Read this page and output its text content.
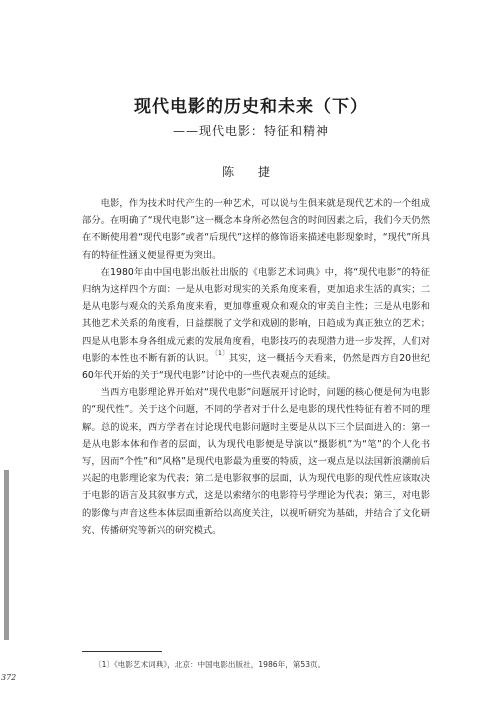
现代电影的历史和未来（下）
——现代电影：特征和精神
陈 捷

电影，作为技术时代产生的一种艺术，可以说与生俱来就是现代艺术的一个组成部分。在明确了“现代电影”这一概念本身所必然包含的时间因素之后，我们今天仍然在不断使用着“现代电影”或者“后现代”这样的修饰语来描述电影现象时，“现代”所具有的特征性涵义便显得更为突出。

在1980年由中国电影出版社出版的《电影艺术词典》中，将“现代电影”的特征归纳为这样四个方面：一是从电影对现实的关系角度来看，更加追求生活的真实；二是从电影与观众的关系角度来看，更加尊重观众和观众的审美自主性；三是从电影和其他艺术关系的角度看，日益摆脱了文学和戏剧的影响，日趋成为真正独立的艺术；四是从电影本身各组成元素的发展角度看，电影技巧的表现潜力进一步发挥，人们对电影的本性也不断有新的认识。$^{〔1〕}$其实，这一概括今天看来，仍然是西方自20世纪60年代开始的关于“现代电影”讨论中的一些代表观点的延续。

当西方电影理论界开始对“现代电影”问题展开讨论时，问题的核心便是何为电影的“现代性”。关于这个问题，不同的学者对于什么是电影的现代性特征有着不同的理解。总的说来，西方学者在讨论现代电影问题时主要是从以下三个层面进入的：第一是从电影本体和作者的层面，认为现代电影便是导演以“摄影机”为“笔”的个人化书写，因而“个性”和“风格”是现代电影最为重要的特质，这一观点是以法国新浪潮前后兴起的电影理论家为代表；第二是电影叙事的层面，认为现代电影的现代性应该取决于电影的语言及其叙事方式，这是以索绪尔的电影符号学理论为代表；第三，对电影的影像与声音这些本体层面重新给以高度关注，以视听研究为基础，并结合了文化研究、传播研究等新兴的研究模式。

〔1〕《电影艺术词典》，北京：中国电影出版社，1986年，第53页。
372
